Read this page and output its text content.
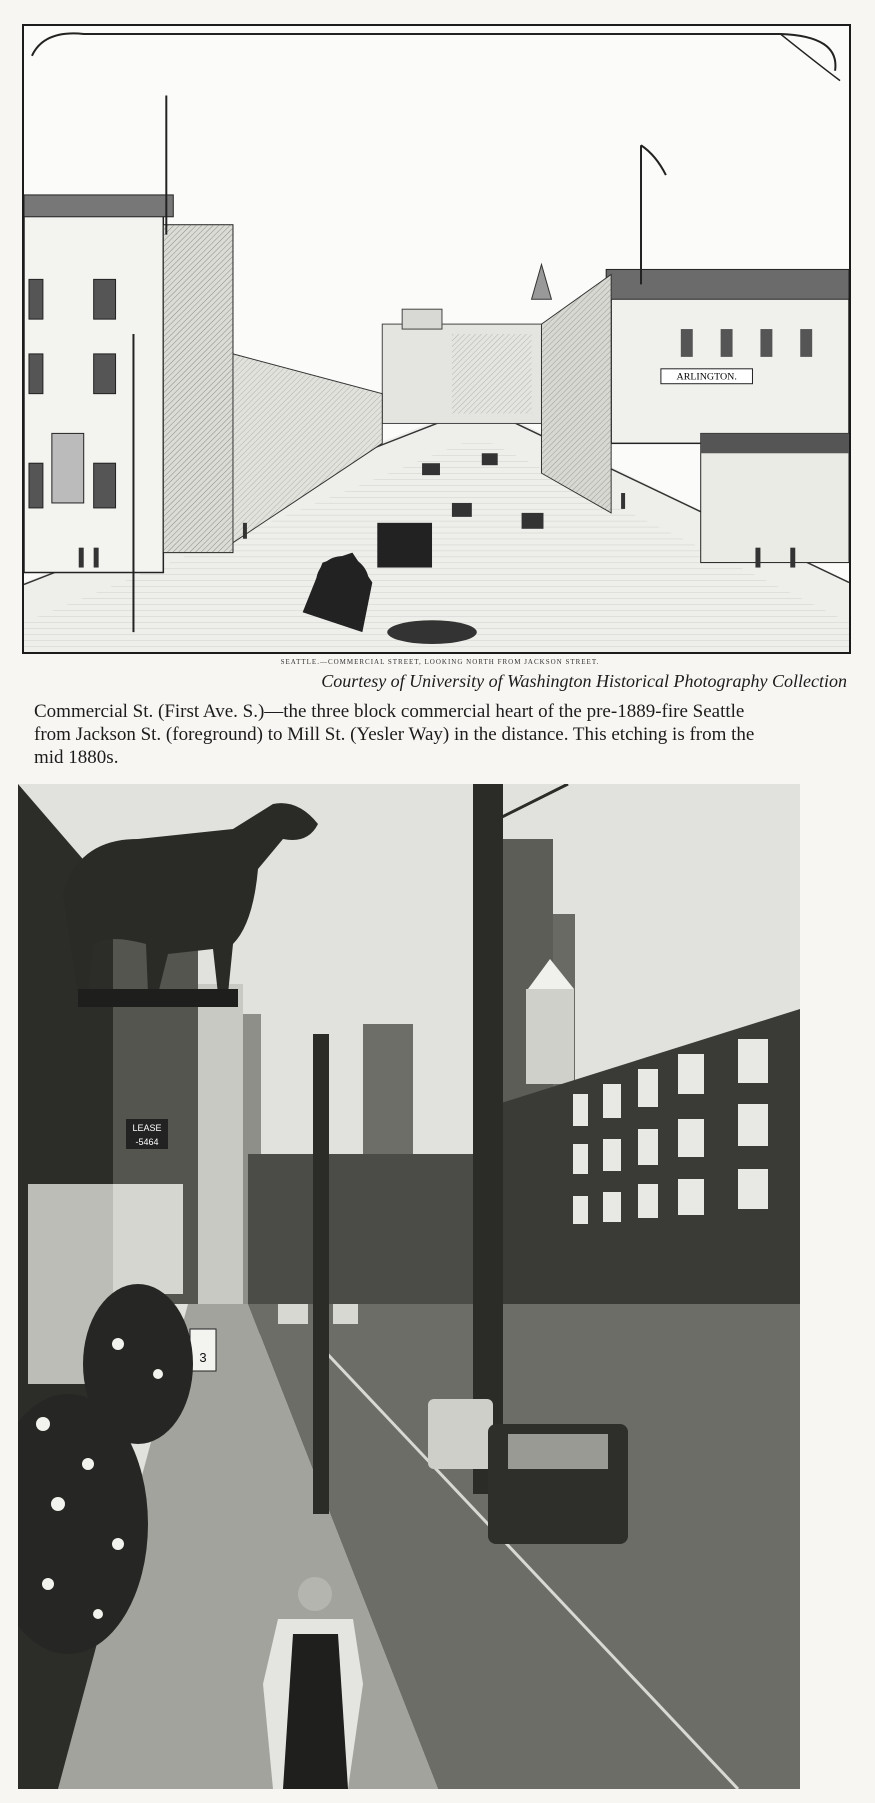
ARLINGTON.
SEATTLE.—COMMERCIAL STREET, LOOKING NORTH FROM JACKSON STREET.
Courtesy of University of Washington Historical Photography Collection
Commercial St. (First Ave. S.)—the three block commercial heart of the pre-1889-fire Seattle from Jackson St. (foreground) to Mill St. (Yesler Way) in the distance. This etching is from the mid 1880s.
LEASE
-5464
3
